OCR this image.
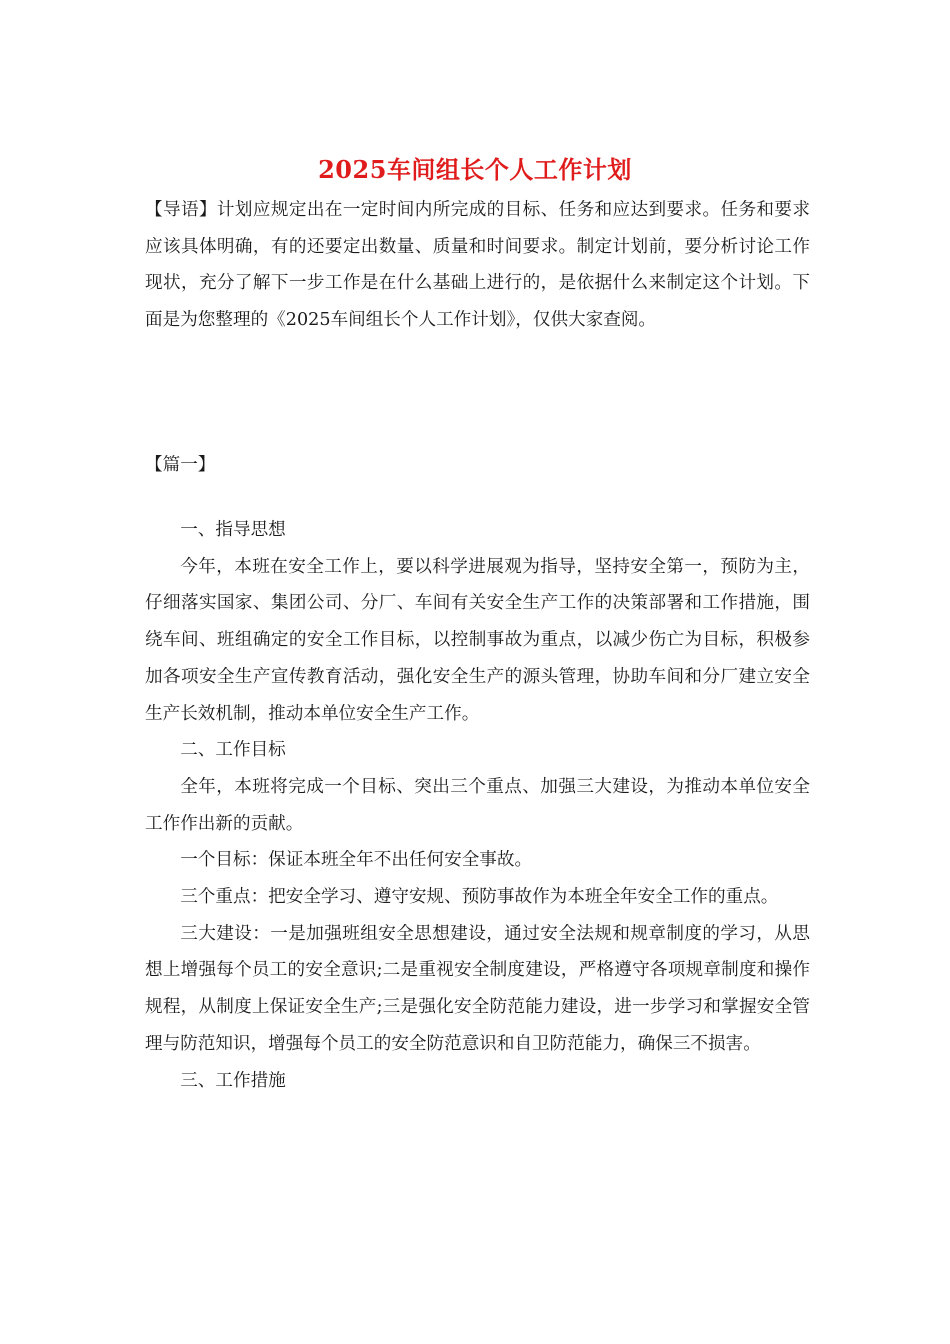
2025车间组长个人工作计划
【导语】计划应规定出在一定时间内所完成的目标、任务和应达到要求。任务和要求应该具体明确，有的还要定出数量、质量和时间要求。制定计划前，要分析讨论工作现状，充分了解下一步工作是在什么基础上进行的，是依据什么来制定这个计划。下面是为您整理的《2025车间组长个人工作计划》，仅供大家查阅。
【篇一】

一、指导思想

今年，本班在安全工作上，要以科学进展观为指导，坚持安全第一，预防为主，仔细落实国家、集团公司、分厂、车间有关安全生产工作的决策部署和工作措施，围绕车间、班组确定的安全工作目标，以控制事故为重点，以减少伤亡为目标，积极参加各项安全生产宣传教育活动，强化安全生产的源头管理，协助车间和分厂建立安全生产长效机制，推动本单位安全生产工作。

二、工作目标

全年，本班将完成一个目标、突出三个重点、加强三大建设，为推动本单位安全工作作出新的贡献。

一个目标：保证本班全年不出任何安全事故。

三个重点：把安全学习、遵守安规、预防事故作为本班全年安全工作的重点。

三大建设：一是加强班组安全思想建设，通过安全法规和规章制度的学习，从思想上增强每个员工的安全意识;二是重视安全制度建设，严格遵守各项规章制度和操作规程，从制度上保证安全生产;三是强化安全防范能力建设，进一步学习和掌握安全管理与防范知识，增强每个员工的安全防范意识和自卫防范能力，确保三不损害。

三、工作措施
